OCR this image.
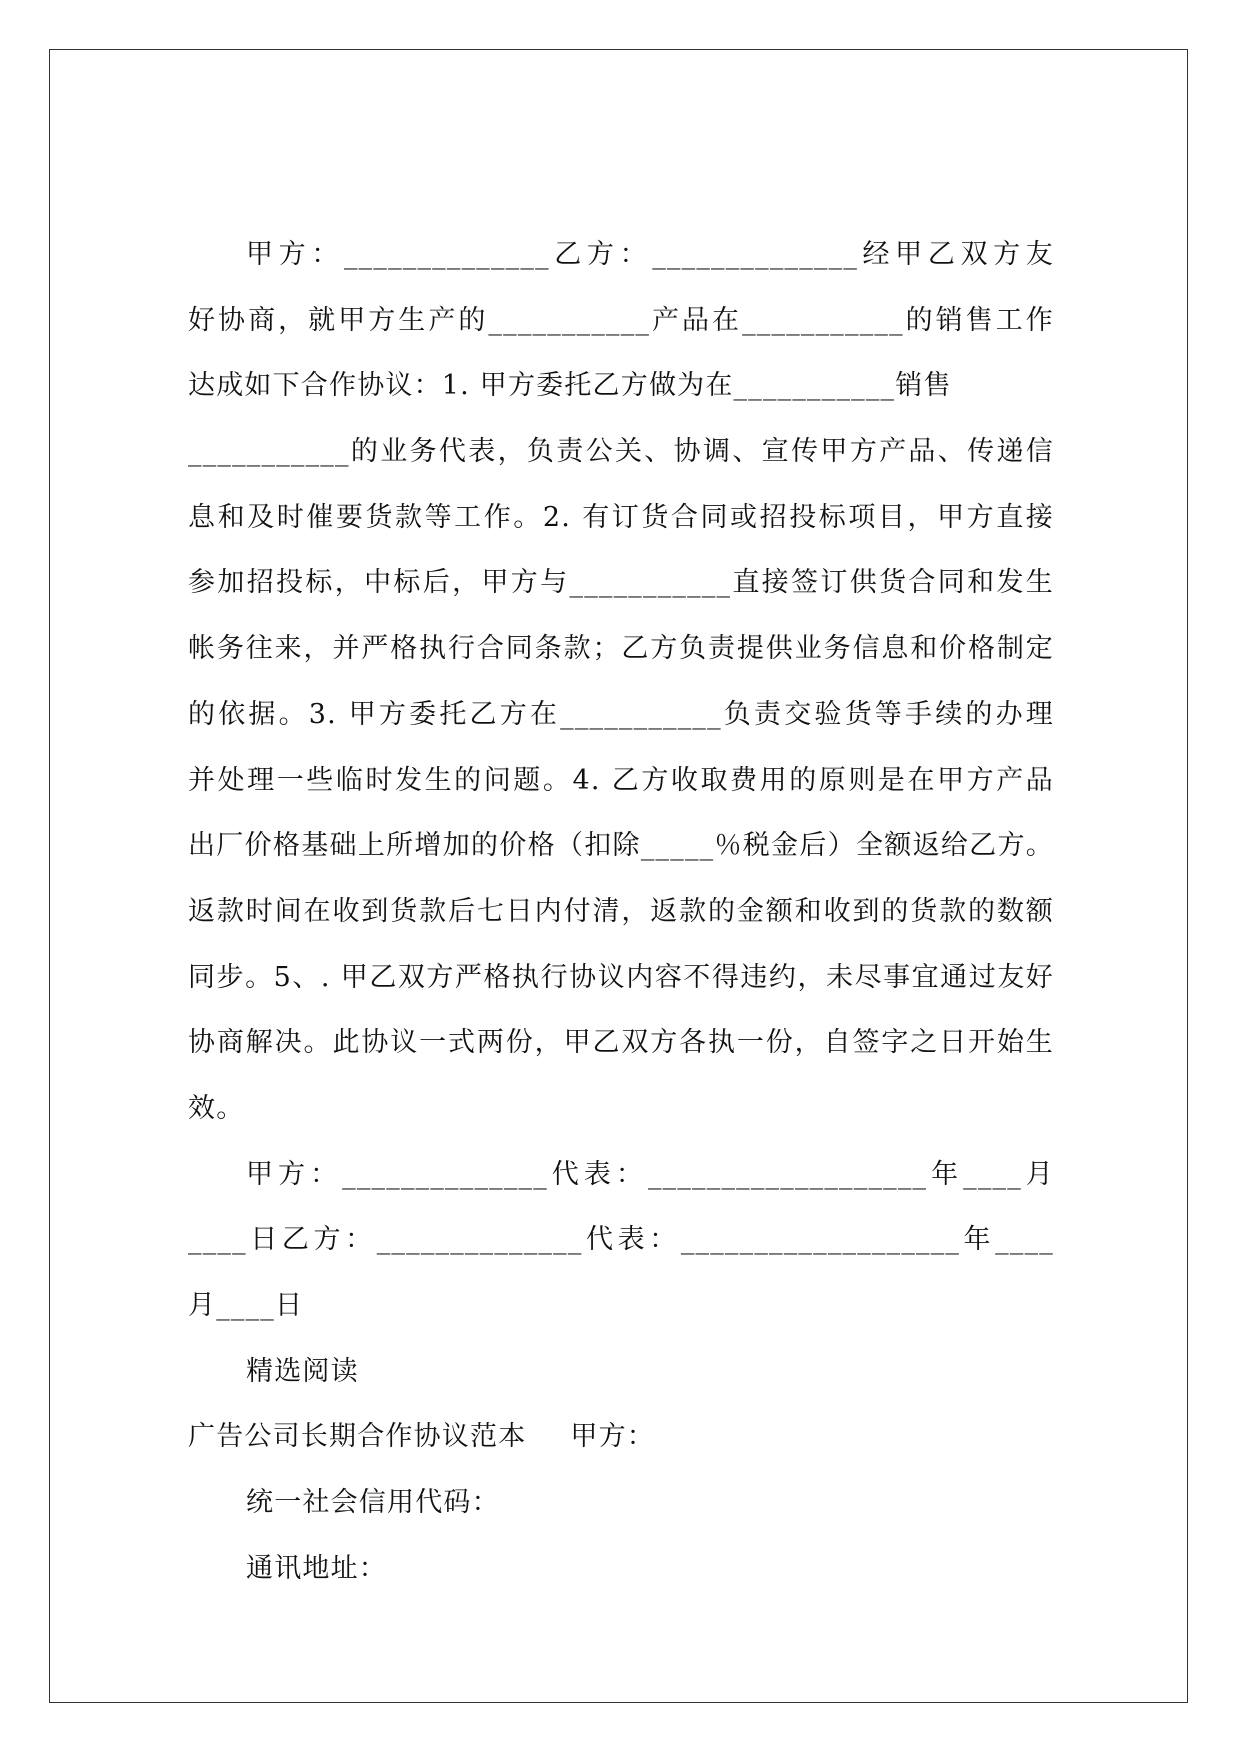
甲方：______________乙方：______________经甲乙双方友
好协商，就甲方生产的___________产品在___________的销售工作
达成如下合作协议：1. 甲方委托乙方做为在___________销售
___________的业务代表，负责公关、协调、宣传甲方产品、传递信
息和及时催要货款等工作。2. 有订货合同或招投标项目，甲方直接
参加招投标，中标后，甲方与___________直接签订供货合同和发生
帐务往来，并严格执行合同条款；乙方负责提供业务信息和价格制定
的依据。3. 甲方委托乙方在___________负责交验货等手续的办理
并处理一些临时发生的问题。4. 乙方收取费用的原则是在甲方产品
出厂价格基础上所增加的价格（扣除_____％税金后）全额返给乙方。
返款时间在收到货款后七日内付清，返款的金额和收到的货款的数额
同步。5、. 甲乙双方严格执行协议内容不得违约，未尽事宜通过友好
协商解决。此协议一式两份，甲乙双方各执一份，自签字之日开始生
效。
甲方：______________代表：___________________年____月
____日乙方：______________代表：___________________年____
月____日
精选阅读
广告公司长期合作协议范本 甲方：
统一社会信用代码：
通讯地址：
